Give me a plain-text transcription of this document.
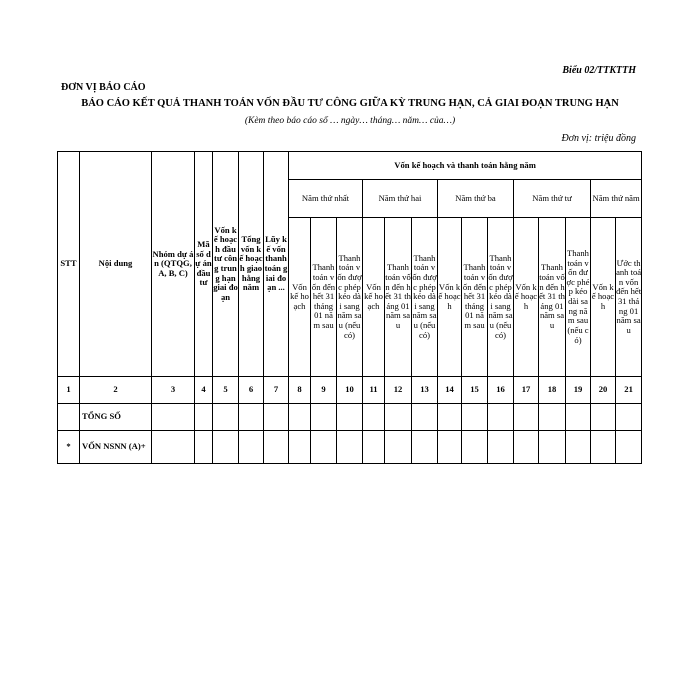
Biểu 02/TTKTTH
ĐƠN VỊ BÁO CÁO
BÁO CÁO KẾT QUẢ THANH TOÁN VỐN ĐẦU TƯ CÔNG GIỮA KỲ TRUNG HẠN, CẢ GIAI ĐOẠN TRUNG HẠN
(Kèm theo báo cáo số … ngày… tháng… năm… của…)
Đơn vị: triệu đồng
STT	Nội dung	Nhóm dự án (QTQG, A, B, C)	Mã số dự án đầu tư	Vốn kế hoạch đầu tư công trung hạn giai đoạn	Tổng vốn kế hoạch giao hằng năm	Lũy kế vốn thanh toán giai đoạn ...	Vốn kế hoạch và thanh toán hằng năm													
							Năm thứ nhất			Năm thứ hai			Năm thứ ba			Năm thứ tư			Năm thứ năm	
							Vốn kế hoạch	Thanh toán vốn đến hết 31 tháng 01 năm sau	Thanh toán vốn được phép kéo dài sang năm sau (nếu có)	Vốn kế hoạch	Thanh toán vốn đến hết 31 tháng 01 năm sau	Thanh toán vốn được phép kéo dài sang năm sau (nếu có)	Vốn kế hoạch	Thanh toán vốn đến hết 31 tháng 01 năm sau	Thanh toán vốn được phép kéo dài sang năm sau (nếu có)	Vốn kế hoạch	Thanh toán vốn đến hết 31 tháng 01 năm sau	Thanh toán vốn được phép kéo dài sang năm sau (nếu có)	Vốn kế hoạch	Ước thanh toán vốn đến hết 31 tháng 01 năm sau
1	2	3	4	5	6	7	8	9	10	11	12	13	14	15	16	17	18	19	20	21
	TỔNG SỐ																			
*	VỐN NSNN (A)+																			
